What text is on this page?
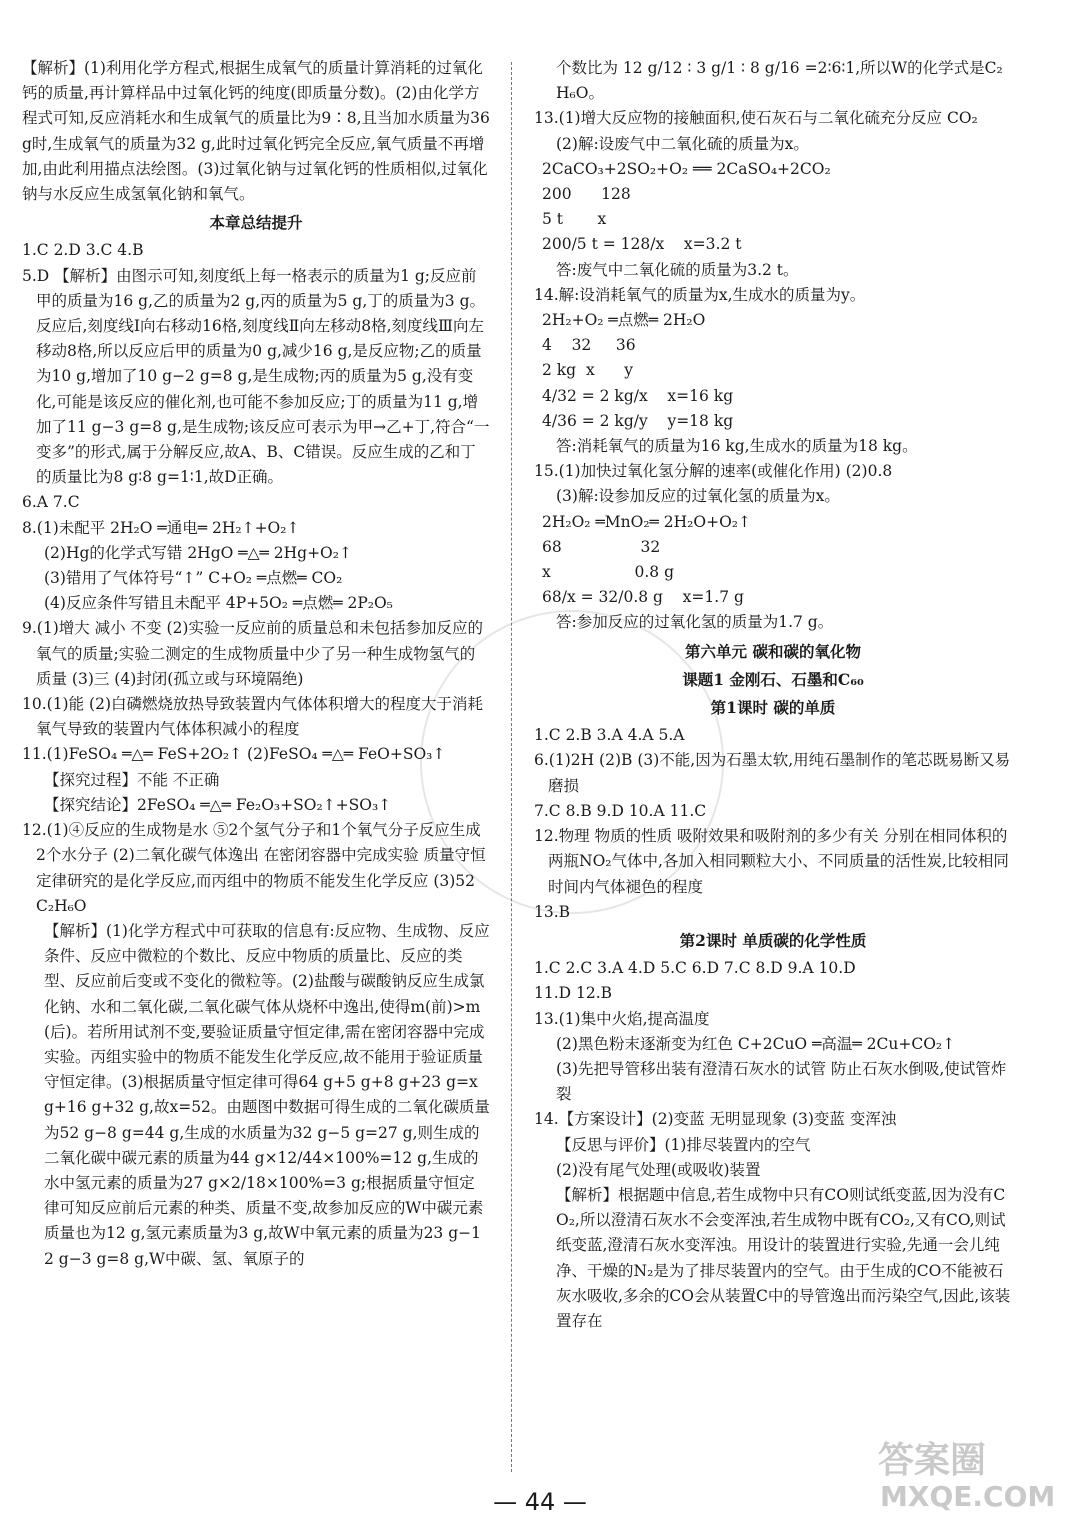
【解析】(1)利用化学方程式,根据生成氧气的质量计算消耗的过氧化钙的质量,再计算样品中过氧化钙的纯度(即质量分数)。(2)由化学方程式可知,反应消耗水和生成氧气的质量比为9∶8,且当加水质量为36 g时,生成氧气的质量为32 g,此时过氧化钙完全反应,氧气质量不再增加,由此利用描点法绘图。(3)过氧化钠与过氧化钙的性质相似,过氧化钠与水反应生成氢氧化钠和氧气。

本章总结提升

1.C 2.D 3.C 4.B

5.D 【解析】由图示可知,刻度纸上每一格表示的质量为1 g;反应前甲的质量为16 g,乙的质量为2 g,丙的质量为5 g,丁的质量为3 g。反应后,刻度线Ⅰ向右移动16格,刻度线Ⅱ向左移动8格,刻度线Ⅲ向左移动8格,所以反应后甲的质量为0 g,减少16 g,是反应物;乙的质量为10 g,增加了10 g−2 g=8 g,是生成物;丙的质量为5 g,没有变化,可能是该反应的催化剂,也可能不参加反应;丁的质量为11 g,增加了11 g−3 g=8 g,是生成物;该反应可表示为甲→乙+丁,符合“一变多”的形式,属于分解反应,故A、B、C错误。反应生成的乙和丁的质量比为8 g∶8 g=1∶1,故D正确。

6.A 7.C

8.(1)未配平 2H₂O ═通电═ 2H₂↑+O₂↑

(2)Hg的化学式写错 2HgO ═△═ 2Hg+O₂↑

(3)错用了气体符号“↑” C+O₂ ═点燃═ CO₂

(4)反应条件写错且未配平 4P+5O₂ ═点燃═ 2P₂O₅

9.(1)增大 减小 不变 (2)实验一反应前的质量总和未包括参加反应的氧气的质量;实验二测定的生成物质量中少了另一种生成物氢气的质量 (3)三 (4)封闭(孤立或与环境隔绝)

10.(1)能 (2)白磷燃烧放热导致装置内气体体积增大的程度大于消耗氧气导致的装置内气体体积减小的程度

11.(1)FeSO₄ ═△═ FeS+2O₂↑ (2)FeSO₄ ═△═ FeO+SO₃↑

【探究过程】不能 不正确

【探究结论】2FeSO₄ ═△═ Fe₂O₃+SO₂↑+SO₃↑

12.(1)④反应的生成物是水 ⑤2个氢气分子和1个氧气分子反应生成2个水分子 (2)二氧化碳气体逸出 在密闭容器中完成实验 质量守恒定律研究的是化学反应,而丙组中的物质不能发生化学反应 (3)52 C₂H₆O

【解析】(1)化学方程式中可获取的信息有:反应物、生成物、反应条件、反应中微粒的个数比、反应中物质的质量比、反应的类型、反应前后变或不变化的微粒等。(2)盐酸与碳酸钠反应生成氯化钠、水和二氧化碳,二氧化碳气体从烧杯中逸出,使得m(前)>m(后)。若所用试剂不变,要验证质量守恒定律,需在密闭容器中完成实验。丙组实验中的物质不能发生化学反应,故不能用于验证质量守恒定律。(3)根据质量守恒定律可得64 g+5 g+8 g+23 g=x g+16 g+32 g,故x=52。由题图中数据可得生成的二氧化碳质量为52 g−8 g=44 g,生成的水质量为32 g−5 g=27 g,则生成的二氧化碳中碳元素的质量为44 g×12/44×100%=12 g,生成的水中氢元素的质量为27 g×2/18×100%=3 g;根据质量守恒定律可知反应前后元素的种类、质量不变,故参加反应的W中碳元素质量也为12 g,氢元素质量为3 g,故W中氧元素的质量为23 g−12 g−3 g=8 g,W中碳、氢、氧原子的

个数比为 12 g/12 ∶ 3 g/1 ∶ 8 g/16 =2∶6∶1,所以W的化学式是C₂H₆O。

13.(1)增大反应物的接触面积,使石灰石与二氧化硫充分反应 CO₂

(2)解:设废气中二氧化硫的质量为x。

2CaCO₃+2SO₂+O₂ ══ 2CaSO₄+2CO₂

200      128

5 t       x

200/5 t = 128/x    x=3.2 t

答:废气中二氧化硫的质量为3.2 t。

14.解:设消耗氧气的质量为x,生成水的质量为y。

2H₂+O₂ ═点燃═ 2H₂O

4    32     36

2 kg  x      y

4/32 = 2 kg/x    x=16 kg

4/36 = 2 kg/y    y=18 kg

答:消耗氧气的质量为16 kg,生成水的质量为18 kg。

15.(1)加快过氧化氢分解的速率(或催化作用) (2)0.8

(3)解:设参加反应的过氧化氢的质量为x。

2H₂O₂ ═MnO₂═ 2H₂O+O₂↑

68                32

x                 0.8 g

68/x = 32/0.8 g    x=1.7 g

答:参加反应的过氧化氢的质量为1.7 g。

第六单元 碳和碳的氧化物

课题1 金刚石、石墨和C₆₀

第1课时 碳的单质

1.C 2.B 3.A 4.A 5.A

6.(1)2H (2)B (3)不能,因为石墨太软,用纯石墨制作的笔芯既易断又易磨损

7.C 8.B 9.D 10.A 11.C

12.物理 物质的性质 吸附效果和吸附剂的多少有关 分别在相同体积的两瓶NO₂气体中,各加入相同颗粒大小、不同质量的活性炭,比较相同时间内气体褪色的程度

13.B

第2课时 单质碳的化学性质

1.C 2.C 3.A 4.D 5.C 6.D 7.C 8.D 9.A 10.D

11.D 12.B

13.(1)集中火焰,提高温度

(2)黑色粉末逐渐变为红色 C+2CuO ═高温═ 2Cu+CO₂↑

(3)先把导管移出装有澄清石灰水的试管 防止石灰水倒吸,使试管炸裂

14.【方案设计】(2)变蓝 无明显现象 (3)变蓝 变浑浊

【反思与评价】(1)排尽装置内的空气

(2)没有尾气处理(或吸收)装置

【解析】根据题中信息,若生成物中只有CO则试纸变蓝,因为没有CO₂,所以澄清石灰水不会变浑浊,若生成物中既有CO₂,又有CO,则试纸变蓝,澄清石灰水变浑浊。用设计的装置进行实验,先通一会儿纯净、干燥的N₂是为了排尽装置内的空气。由于生成的CO不能被石灰水吸收,多余的CO会从装置C中的导管逸出而污染空气,因此,该装置存在

— 44 —
答案圈
MXQE.COM
